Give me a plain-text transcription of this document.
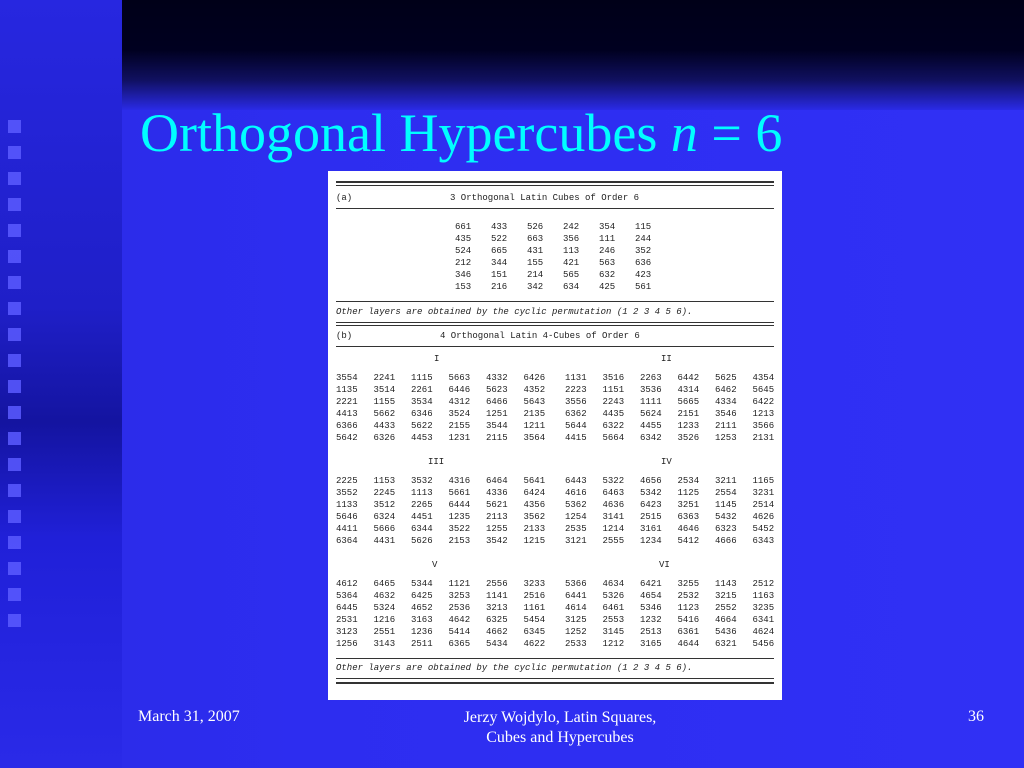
Orthogonal Hypercubes n = 6
(a)	3 Orthogonal Latin Cubes of Order 6
661 433 526 242 354 115
435 522 663 356 111 244
524 665 431 113 246 352
212 344 155 421 563 636
346 151 214 565 632 423
153 216 342 634 425 561
Other layers are obtained by the cyclic permutation (1 2 3 4 5 6).
(b)	4 Orthogonal Latin 4-Cubes of Order 6
I
3554 2241 1115 5663 4332 6426
1135 3514 2261 6446 5623 4352
2221 1155 3534 4312 6466 5643
4413 5662 6346 3524 1251 2135
6366 4433 5622 2155 3544 1211
5642 6326 4453 1231 2115 3564
II
1131 3516 2263 6442 5625 4354
2223 1151 3536 4314 6462 5645
3556 2243 1111 5665 4334 6422
6362 4435 5624 2151 3546 1213
5644 6322 4455 1233 2111 3566
4415 5664 6342 3526 1253 2131
III
2225 1153 3532 4316 6464 5641
3552 2245 1113 5661 4336 6424
1133 3512 2265 6444 5621 4356
5646 6324 4451 1235 2113 3562
4411 5666 6344 3522 1255 2133
6364 4431 5626 2153 3542 1215
IV
6443 5322 4656 2534 3211 1165
4616 6463 5342 1125 2554 3231
5362 4636 6423 3251 1145 2514
1254 3141 2515 6363 5432 4626
2535 1214 3161 4646 6323 5452
3121 2555 1234 5412 4666 6343
V
4612 6465 5344 1121 2556 3233
5364 4632 6425 3253 1141 2516
6445 5324 4652 2536 3213 1161
2531 1216 3163 4642 6325 5454
3123 2551 1236 5414 4662 6345
1256 3143 2511 6365 5434 4622
VI
5366 4634 6421 3255 1143 2512
6441 5326 4654 2532 3215 1163
4614 6461 5346 1123 2552 3235
3125 2553 1232 5416 4664 6341
1252 3145 2513 6361 5436 4624
2533 1212 3165 4644 6321 5456
Other layers are obtained by the cyclic permutation (1 2 3 4 5 6).
March 31, 2007	Jerzy Wojdylo, Latin Squares,
Cubes and Hypercubes
36
